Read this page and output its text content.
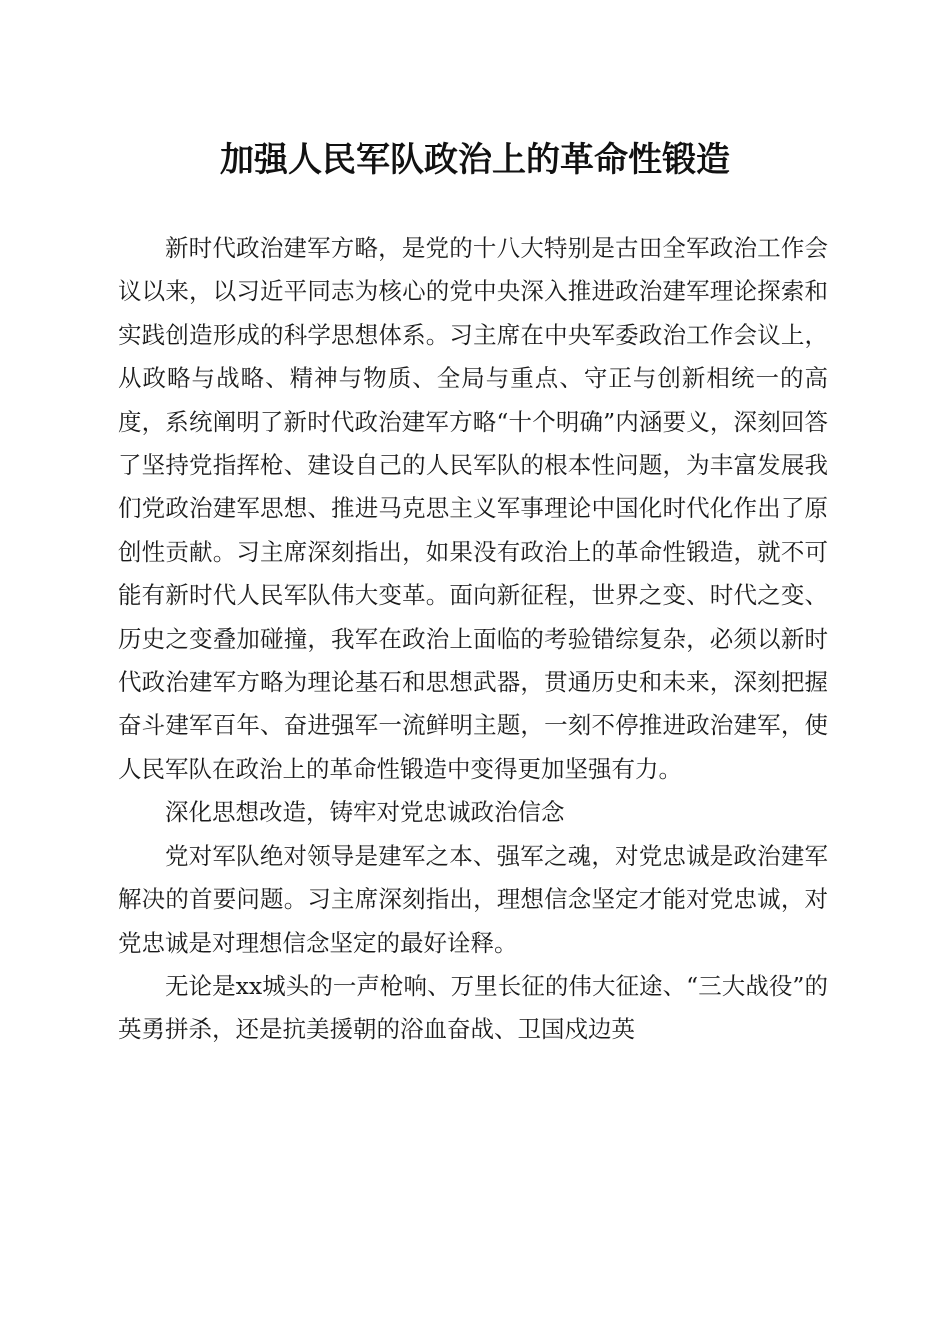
加强人民军队政治上的革命性锻造

新时代政治建军方略，是党的十八大特别是古田全军政治工作会议以来，以习近平同志为核心的党中央深入推进政治建军理论探索和实践创造形成的科学思想体系。习主席在中央军委政治工作会议上，从政略与战略、精神与物质、全局与重点、守正与创新相统一的高度，系统阐明了新时代政治建军方略“十个明确”内涵要义，深刻回答了坚持党指挥枪、建设自己的人民军队的根本性问题，为丰富发展我们党政治建军思想、推进马克思主义军事理论中国化时代化作出了原创性贡献。习主席深刻指出，如果没有政治上的革命性锻造，就不可能有新时代人民军队伟大变革。面向新征程，世界之变、时代之变、历史之变叠加碰撞，我军在政治上面临的考验错综复杂，必须以新时代政治建军方略为理论基石和思想武器，贯通历史和未来，深刻把握奋斗建军百年、奋进强军一流鲜明主题，一刻不停推进政治建军，使人民军队在政治上的革命性锻造中变得更加坚强有力。

深化思想改造，铸牢对党忠诚政治信念

党对军队绝对领导是建军之本、强军之魂，对党忠诚是政治建军解决的首要问题。习主席深刻指出，理想信念坚定才能对党忠诚，对党忠诚是对理想信念坚定的最好诠释。

无论是xx城头的一声枪响、万里长征的伟大征途、“三大战役”的英勇拼杀，还是抗美援朝的浴血奋战、卫国戍边英
